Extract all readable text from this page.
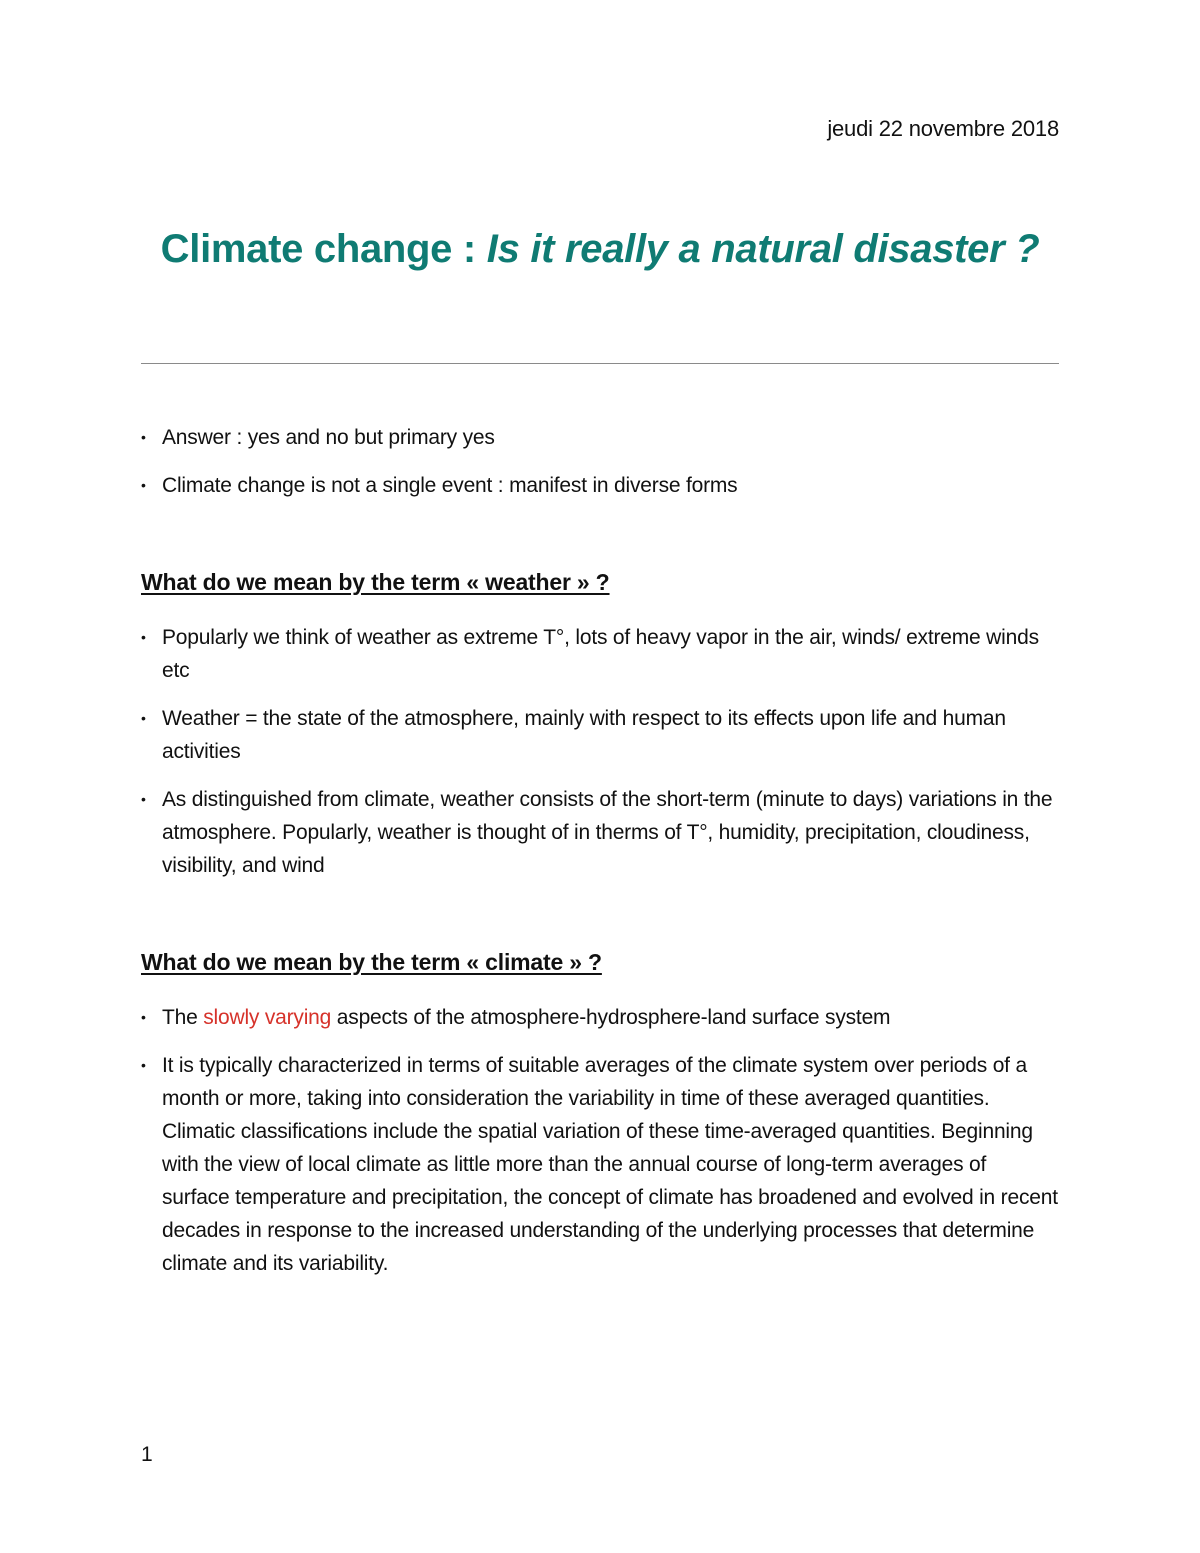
jeudi 22 novembre 2018
Climate change : Is it really a natural disaster ?
• Answer : yes and no but primary yes
• Climate change is not a single event : manifest in diverse forms
What do we mean by the term « weather » ?
• Popularly we think of weather as extreme T°, lots of heavy vapor in the air, winds/ extreme winds etc
• Weather = the state of the atmosphere, mainly with respect to its effects upon life and human activities
• As distinguished from climate, weather consists of the short-term (minute to days) variations in the atmosphere. Popularly, weather is thought of in therms of T°, humidity, precipitation, cloudiness, visibility, and wind
What do we mean by the term « climate » ?
• The slowly varying aspects of the atmosphere-hydrosphere-land surface system
• It is typically characterized in terms of suitable averages of the climate system over periods of a month or more, taking into consideration the variability in time of these averaged quantities. Climatic classifications include the spatial variation of these time-averaged quantities. Beginning with the view of local climate as little more than the annual course of long-term averages of surface temperature and precipitation, the concept of climate has broadened and evolved in recent decades in response to the increased understanding of the underlying processes that determine climate and its variability.
1
